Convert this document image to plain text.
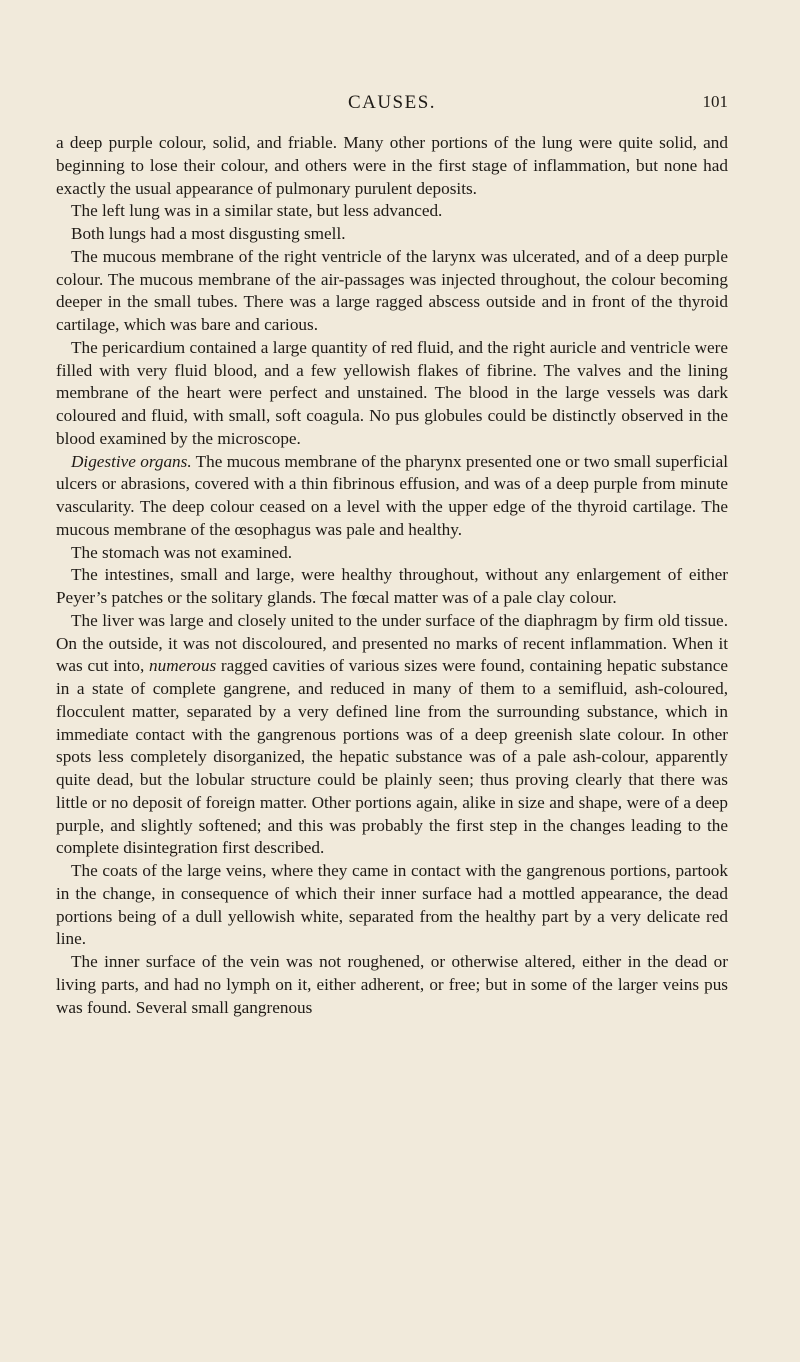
CAUSES.	101

a deep purple colour, solid, and friable. Many other portions of the lung were quite solid, and beginning to lose their colour, and others were in the first stage of inflammation, but none had exactly the usual appearance of pulmonary purulent deposits.

The left lung was in a similar state, but less advanced.

Both lungs had a most disgusting smell.

The mucous membrane of the right ventricle of the larynx was ulcerated, and of a deep purple colour. The mucous membrane of the air-passages was injected throughout, the colour becoming deeper in the small tubes. There was a large ragged abscess outside and in front of the thyroid cartilage, which was bare and carious.

The pericardium contained a large quantity of red fluid, and the right auricle and ventricle were filled with very fluid blood, and a few yellowish flakes of fibrine. The valves and the lining membrane of the heart were perfect and unstained. The blood in the large vessels was dark coloured and fluid, with small, soft coagula. No pus globules could be distinctly observed in the blood examined by the microscope.

Digestive organs. The mucous membrane of the pharynx presented one or two small superficial ulcers or abrasions, covered with a thin fibrinous effusion, and was of a deep purple from minute vascularity. The deep colour ceased on a level with the upper edge of the thyroid cartilage. The mucous membrane of the œsophagus was pale and healthy.

The stomach was not examined.

The intestines, small and large, were healthy throughout, without any enlargement of either Peyer’s patches or the solitary glands. The fœcal matter was of a pale clay colour.

The liver was large and closely united to the under surface of the diaphragm by firm old tissue. On the outside, it was not discoloured, and presented no marks of recent inflammation. When it was cut into, numerous ragged cavities of various sizes were found, containing hepatic substance in a state of complete gangrene, and reduced in many of them to a semifluid, ash-coloured, flocculent matter, separated by a very defined line from the surrounding substance, which in immediate contact with the gangrenous portions was of a deep greenish slate colour. In other spots less completely disorganized, the hepatic substance was of a pale ash-colour, apparently quite dead, but the lobular structure could be plainly seen; thus proving clearly that there was little or no deposit of foreign matter. Other portions again, alike in size and shape, were of a deep purple, and slightly softened; and this was probably the first step in the changes leading to the complete disintegration first described.

The coats of the large veins, where they came in contact with the gangrenous portions, partook in the change, in consequence of which their inner surface had a mottled appearance, the dead portions being of a dull yellowish white, separated from the healthy part by a very delicate red line.

The inner surface of the vein was not roughened, or otherwise altered, either in the dead or living parts, and had no lymph on it, either adherent, or free; but in some of the larger veins pus was found. Several small gangrenous
